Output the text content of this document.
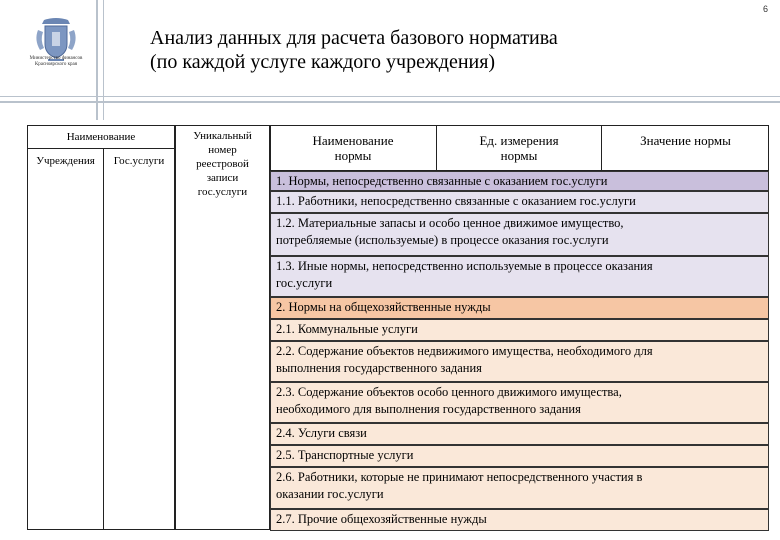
6
Министерство финансов
Красноярского края
Анализ данных для расчета базового норматива
(по каждой услуге каждого учреждения)
Наименование
Учреждения	Гос.услуги
Уникальный
номер
реестровой
записи
гос.услуги
Наименование
нормы
Ед. измерения
нормы
Значение нормы
1. Нормы, непосредственно связанные с оказанием гос.услуги
1.1. Работники, непосредственно связанные с оказанием гос.услуги
1.2. Материальные запасы и особо ценное движимое имущество,
потребляемые (используемые) в процессе оказания гос.услуги
1.3. Иные нормы, непосредственно используемые в процессе оказания
гос.услуги
2. Нормы на общехозяйственные нужды
2.1. Коммунальные услуги
2.2. Содержание объектов недвижимого имущества, необходимого для
выполнения государственного задания
2.3. Содержание объектов особо ценного движимого имущества,
необходимого для выполнения государственного задания
2.4. Услуги связи
2.5. Транспортные услуги
2.6. Работники, которые не принимают непосредственного участия в
оказании гос.услуги
2.7. Прочие общехозяйственные нужды
